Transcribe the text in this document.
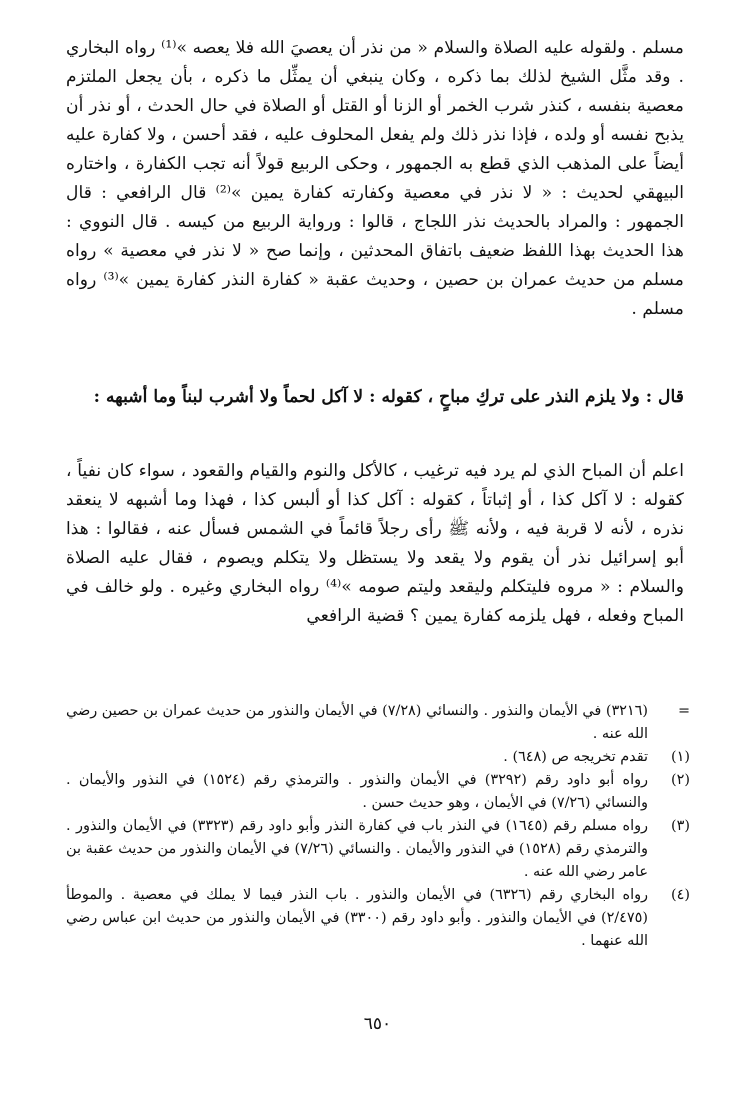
مسلم . ولقوله عليه الصلاة والسلام « من نذر أن يعصيَ الله فلا يعصه »⁽¹⁾ رواه البخاري . وقد مثَّل الشيخ لذلك بما ذكره ، وكان ينبغي أن يمثِّل ما ذكره ، بأن يجعل الملتزم معصية بنفسه ، كنذر شرب الخمر أو الزنا أو القتل أو الصلاة في حال الحدث ، أو نذر أن يذبح نفسه أو ولده ، فإذا نذر ذلك ولم يفعل المحلوف عليه ، فقد أحسن ، ولا كفارة عليه أيضاً على المذهب الذي قطع به الجمهور ، وحكى الربيع قولاً أنه تجب الكفارة ، واختاره البيهقي لحديث : « لا نذر في معصية وكفارته كفارة يمين »⁽²⁾ قال الرافعي : قال الجمهور : والمراد بالحديث نذر اللجاج ، قالوا : ورواية الربيع من كيسه . قال النووي : هذا الحديث بهذا اللفظ ضعيف باتفاق المحدثين ، وإنما صح « لا نذر في معصية » رواه مسلم من حديث عمران بن حصين ، وحديث عقبة « كفارة النذر كفارة يمين »⁽³⁾ رواه مسلم .

قال : ولا يلزم النذر على تركِ مباحٍ ، كقوله : لا آكل لحماً ولا أشرب لبناً وما أشبهه :

اعلم أن المباح الذي لم يرد فيه ترغيب ، كالأكل والنوم والقيام والقعود ، سواء كان نفياً ، كقوله : لا آكل كذا ، أو إثباتاً ، كقوله : آكل كذا أو ألبس كذا ، فهذا وما أشبهه لا ينعقد نذره ، لأنه لا قربة فيه ، ولأنه ﷺ رأى رجلاً قائماً في الشمس فسأل عنه ، فقالوا : هذا أبو إسرائيل نذر أن يقوم ولا يقعد ولا يستظل ولا يتكلم ويصوم ، فقال عليه الصلاة والسلام : « مروه فليتكلم وليقعد وليتم صومه »⁽⁴⁾ رواه البخاري وغيره . ولو خالف في المباح وفعله ، فهل يلزمه كفارة يمين ؟ قضية الرافعي

=
(٣٢١٦) في الأيمان والنذور . والنسائي (٧/٢٨) في الأيمان والنذور من حديث عمران بن حصين رضي الله عنه .
(١)
تقدم تخريجه ص (٦٤٨) .
(٢)
رواه أبو داود رقم (٣٢٩٢) في الأيمان والنذور . والترمذي رقم (١٥٢٤) في النذور والأيمان . والنسائي (٧/٢٦) في الأيمان ، وهو حديث حسن .
(٣)
رواه مسلم رقم (١٦٤٥) في النذر باب في كفارة النذر وأبو داود رقم (٣٣٢٣) في الأيمان والنذور . والترمذي رقم (١٥٢٨) في النذور والأيمان . والنسائي (٧/٢٦) في الأيمان والنذور من حديث عقبة بن عامر رضي الله عنه .
(٤)
رواه البخاري رقم (٦٣٢٦) في الأيمان والنذور . باب النذر فيما لا يملك في معصية . والموطأ (٢/٤٧٥) في الأيمان والنذور . وأبو داود رقم (٣٣٠٠) في الأيمان والنذور من حديث ابن عباس رضي الله عنهما .
٦٥٠
